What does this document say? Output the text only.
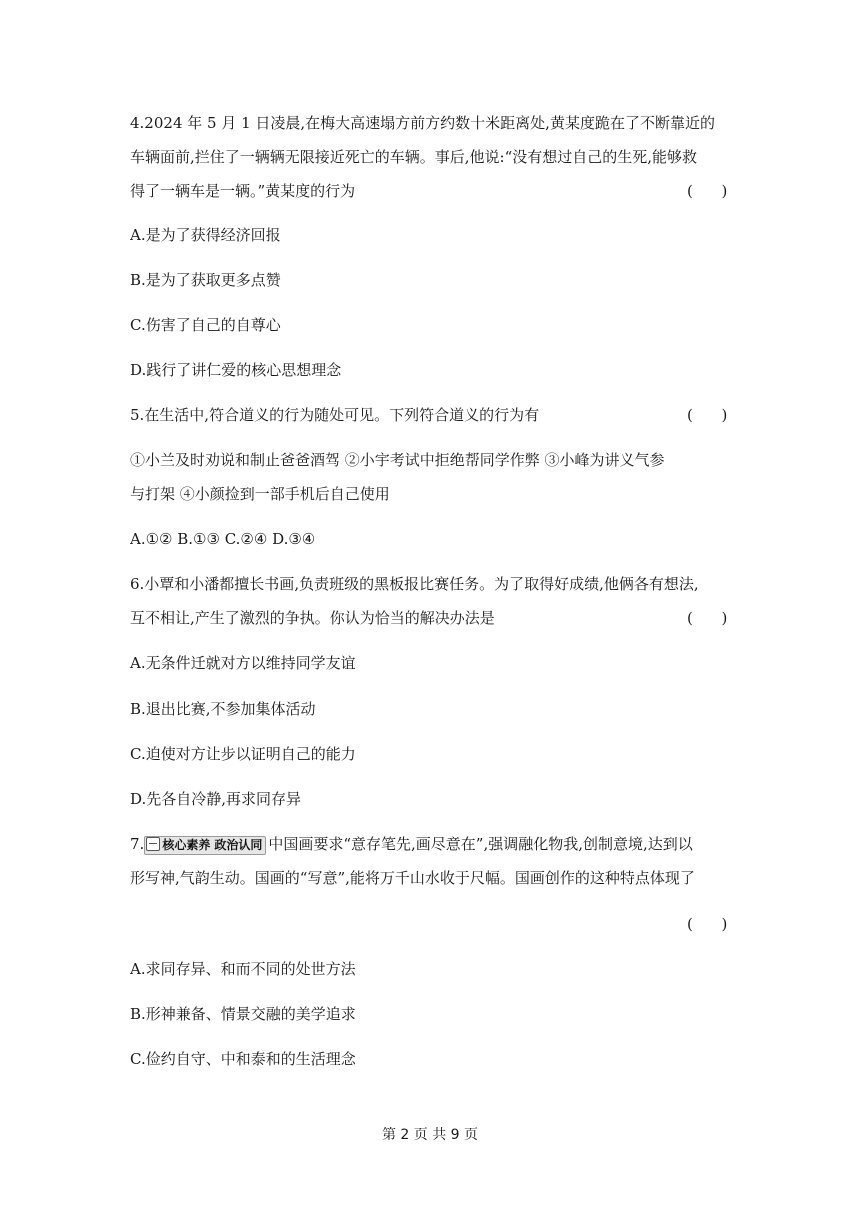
4.2024 年 5 月 1 日凌晨,在梅大高速塌方前方约数十米距离处,黄某度跪在了不断靠近的
车辆面前,拦住了一辆辆无限接近死亡的车辆。事后,他说:“没有想过自己的生死,能够救
得了一辆车是一辆。”黄某度的行为	(      )
A.是为了获得经济回报
B.是为了获取更多点赞
C.伤害了自己的自尊心
D.践行了讲仁爱的核心思想理念
5.在生活中,符合道义的行为随处可见。下列符合道义的行为有	(      )
①小兰及时劝说和制止爸爸酒驾 ②小宇考试中拒绝帮同学作弊 ③小峰为讲义气参
与打架 ④小颜捡到一部手机后自己使用
A.①② B.①③ C.②④ D.③④
6.小覃和小潘都擅长书画,负责班级的黑板报比赛任务。为了取得好成绩,他俩各有想法,
互不相让,产生了激烈的争执。你认为恰当的解决办法是	(      )
A.无条件迁就对方以维持同学友谊
B.退出比赛,不参加集体活动
C.迫使对方让步以证明自己的能力
D.先各自冷静,再求同存异
7. 核心素养 政治认同 中国画要求“意存笔先,画尽意在”,强调融化物我,创制意境,达到以
形写神,气韵生动。国画的“写意”,能将万千山水收于尺幅。国画创作的这种特点体现了
(      )
A.求同存异、和而不同的处世方法
B.形神兼备、情景交融的美学追求
C.俭约自守、中和泰和的生活理念
第 2 页 共 9 页
